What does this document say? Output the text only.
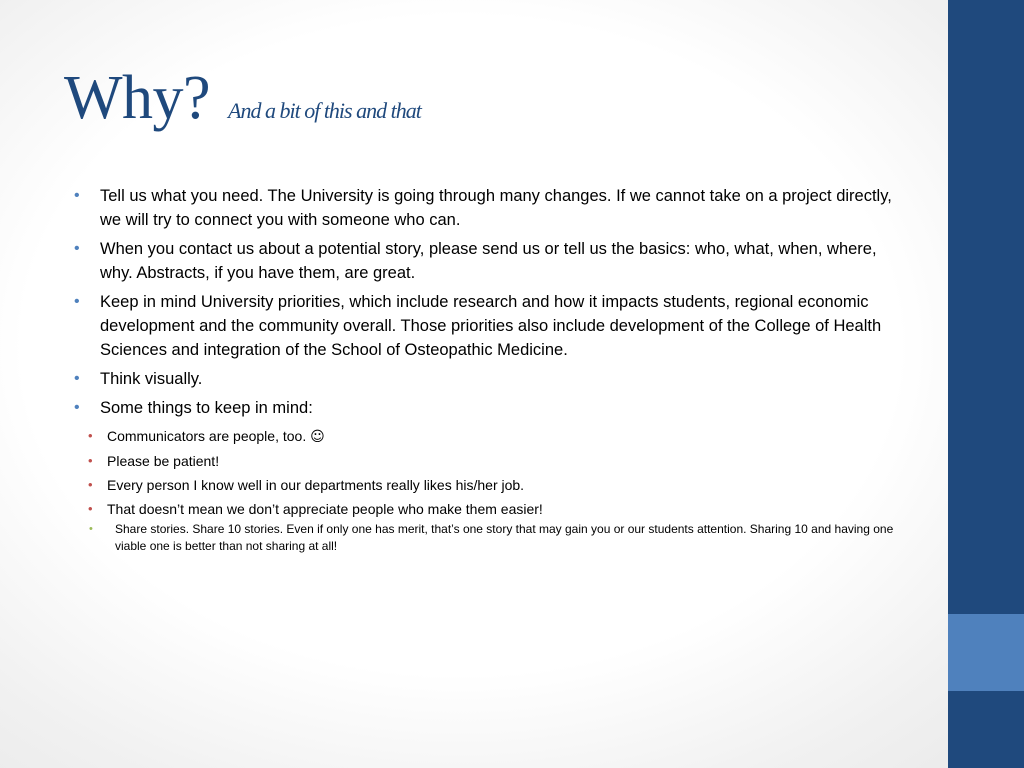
Why? And a bit of this and that
• Tell us what you need. The University is going through many changes. If we cannot take on a project directly, we will try to connect you with someone who can.
• When you contact us about a potential story, please send us or tell us the basics: who, what, when, where, why. Abstracts, if you have them, are great.
• Keep in mind University priorities, which include research and how it impacts students, regional economic development and the community overall. Those priorities also include development of the College of Health Sciences and integration of the School of Osteopathic Medicine.
• Think visually.
• Some things to keep in mind:
• Communicators are people, too. ☺
• Please be patient!
• Every person I know well in our departments really likes his/her job.
• That doesn’t mean we don’t appreciate people who make them easier!
• Share stories. Share 10 stories. Even if only one has merit, that’s one story that may gain you or our students attention. Sharing 10 and having one viable one is better than not sharing at all!
